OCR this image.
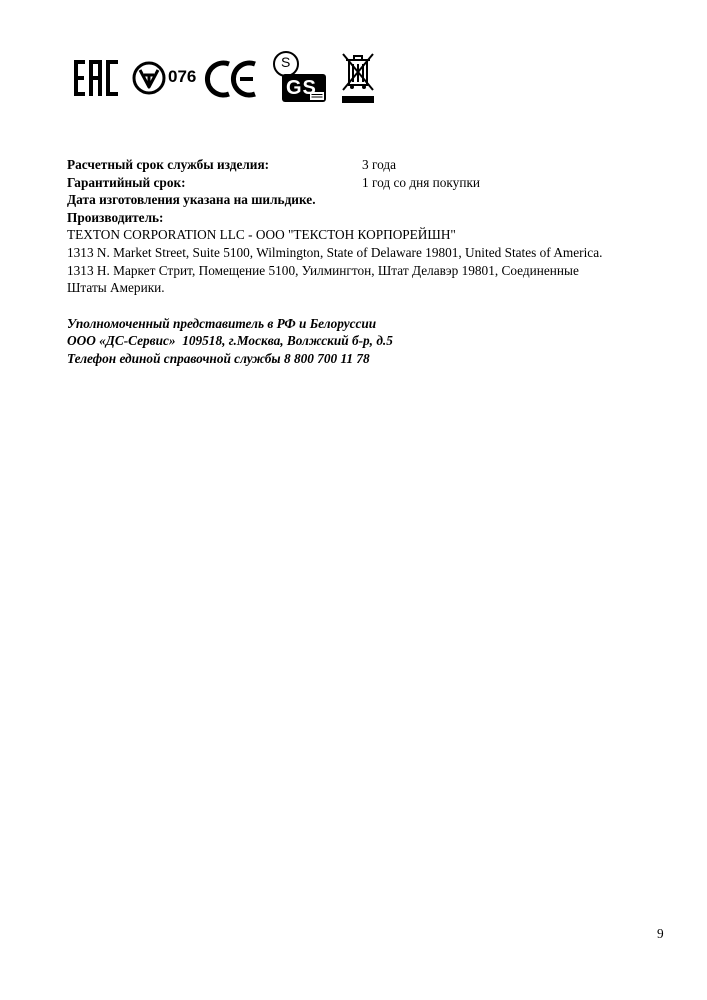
076
S
GS
Расчетный срок службы изделия:	3 года
Гарантийный срок:	1 год со дня покупки
Дата изготовления указана на шильдике.
Производитель:
TEXTON CORPORATION LLC - ООО "ТЕКСТОН КОРПОРЕЙШН"
1313 N. Market Street, Suite 5100, Wilmington, State of Delaware 19801, United States of America.
1313 Н. Маркет Стрит, Помещение 5100, Уилмингтон, Штат Делавэр 19801, Соединенные
Штаты Америки.
Уполномоченный представитель в РФ и Белоруссии
ООО «ДС-Сервис»  109518, г.Москва, Волжский б-р, д.5
Телефон единой справочной службы 8 800 700 11 78
9
